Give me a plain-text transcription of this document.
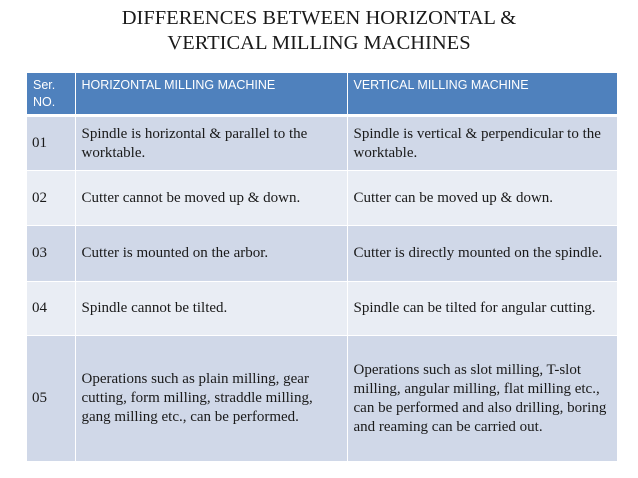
DIFFERENCES BETWEEN HORIZONTAL &
VERTICAL MILLING MACHINES
Ser. NO.	HORIZONTAL MILLING MACHINE	VERTICAL MILLING MACHINE
01	Spindle is horizontal & parallel to the worktable.	Spindle is vertical & perpendicular to the worktable.
02	Cutter cannot be moved up & down.	Cutter can be moved up & down.
03	Cutter is mounted on the arbor.	Cutter is directly mounted on the spindle.
04	Spindle cannot be tilted.	Spindle can be tilted for angular cutting.
05	Operations such as plain milling, gear cutting, form milling, straddle milling, gang milling etc., can be performed.	Operations such as slot milling, T-slot milling, angular milling, flat milling etc., can be performed and also drilling, boring and reaming can be carried out.
